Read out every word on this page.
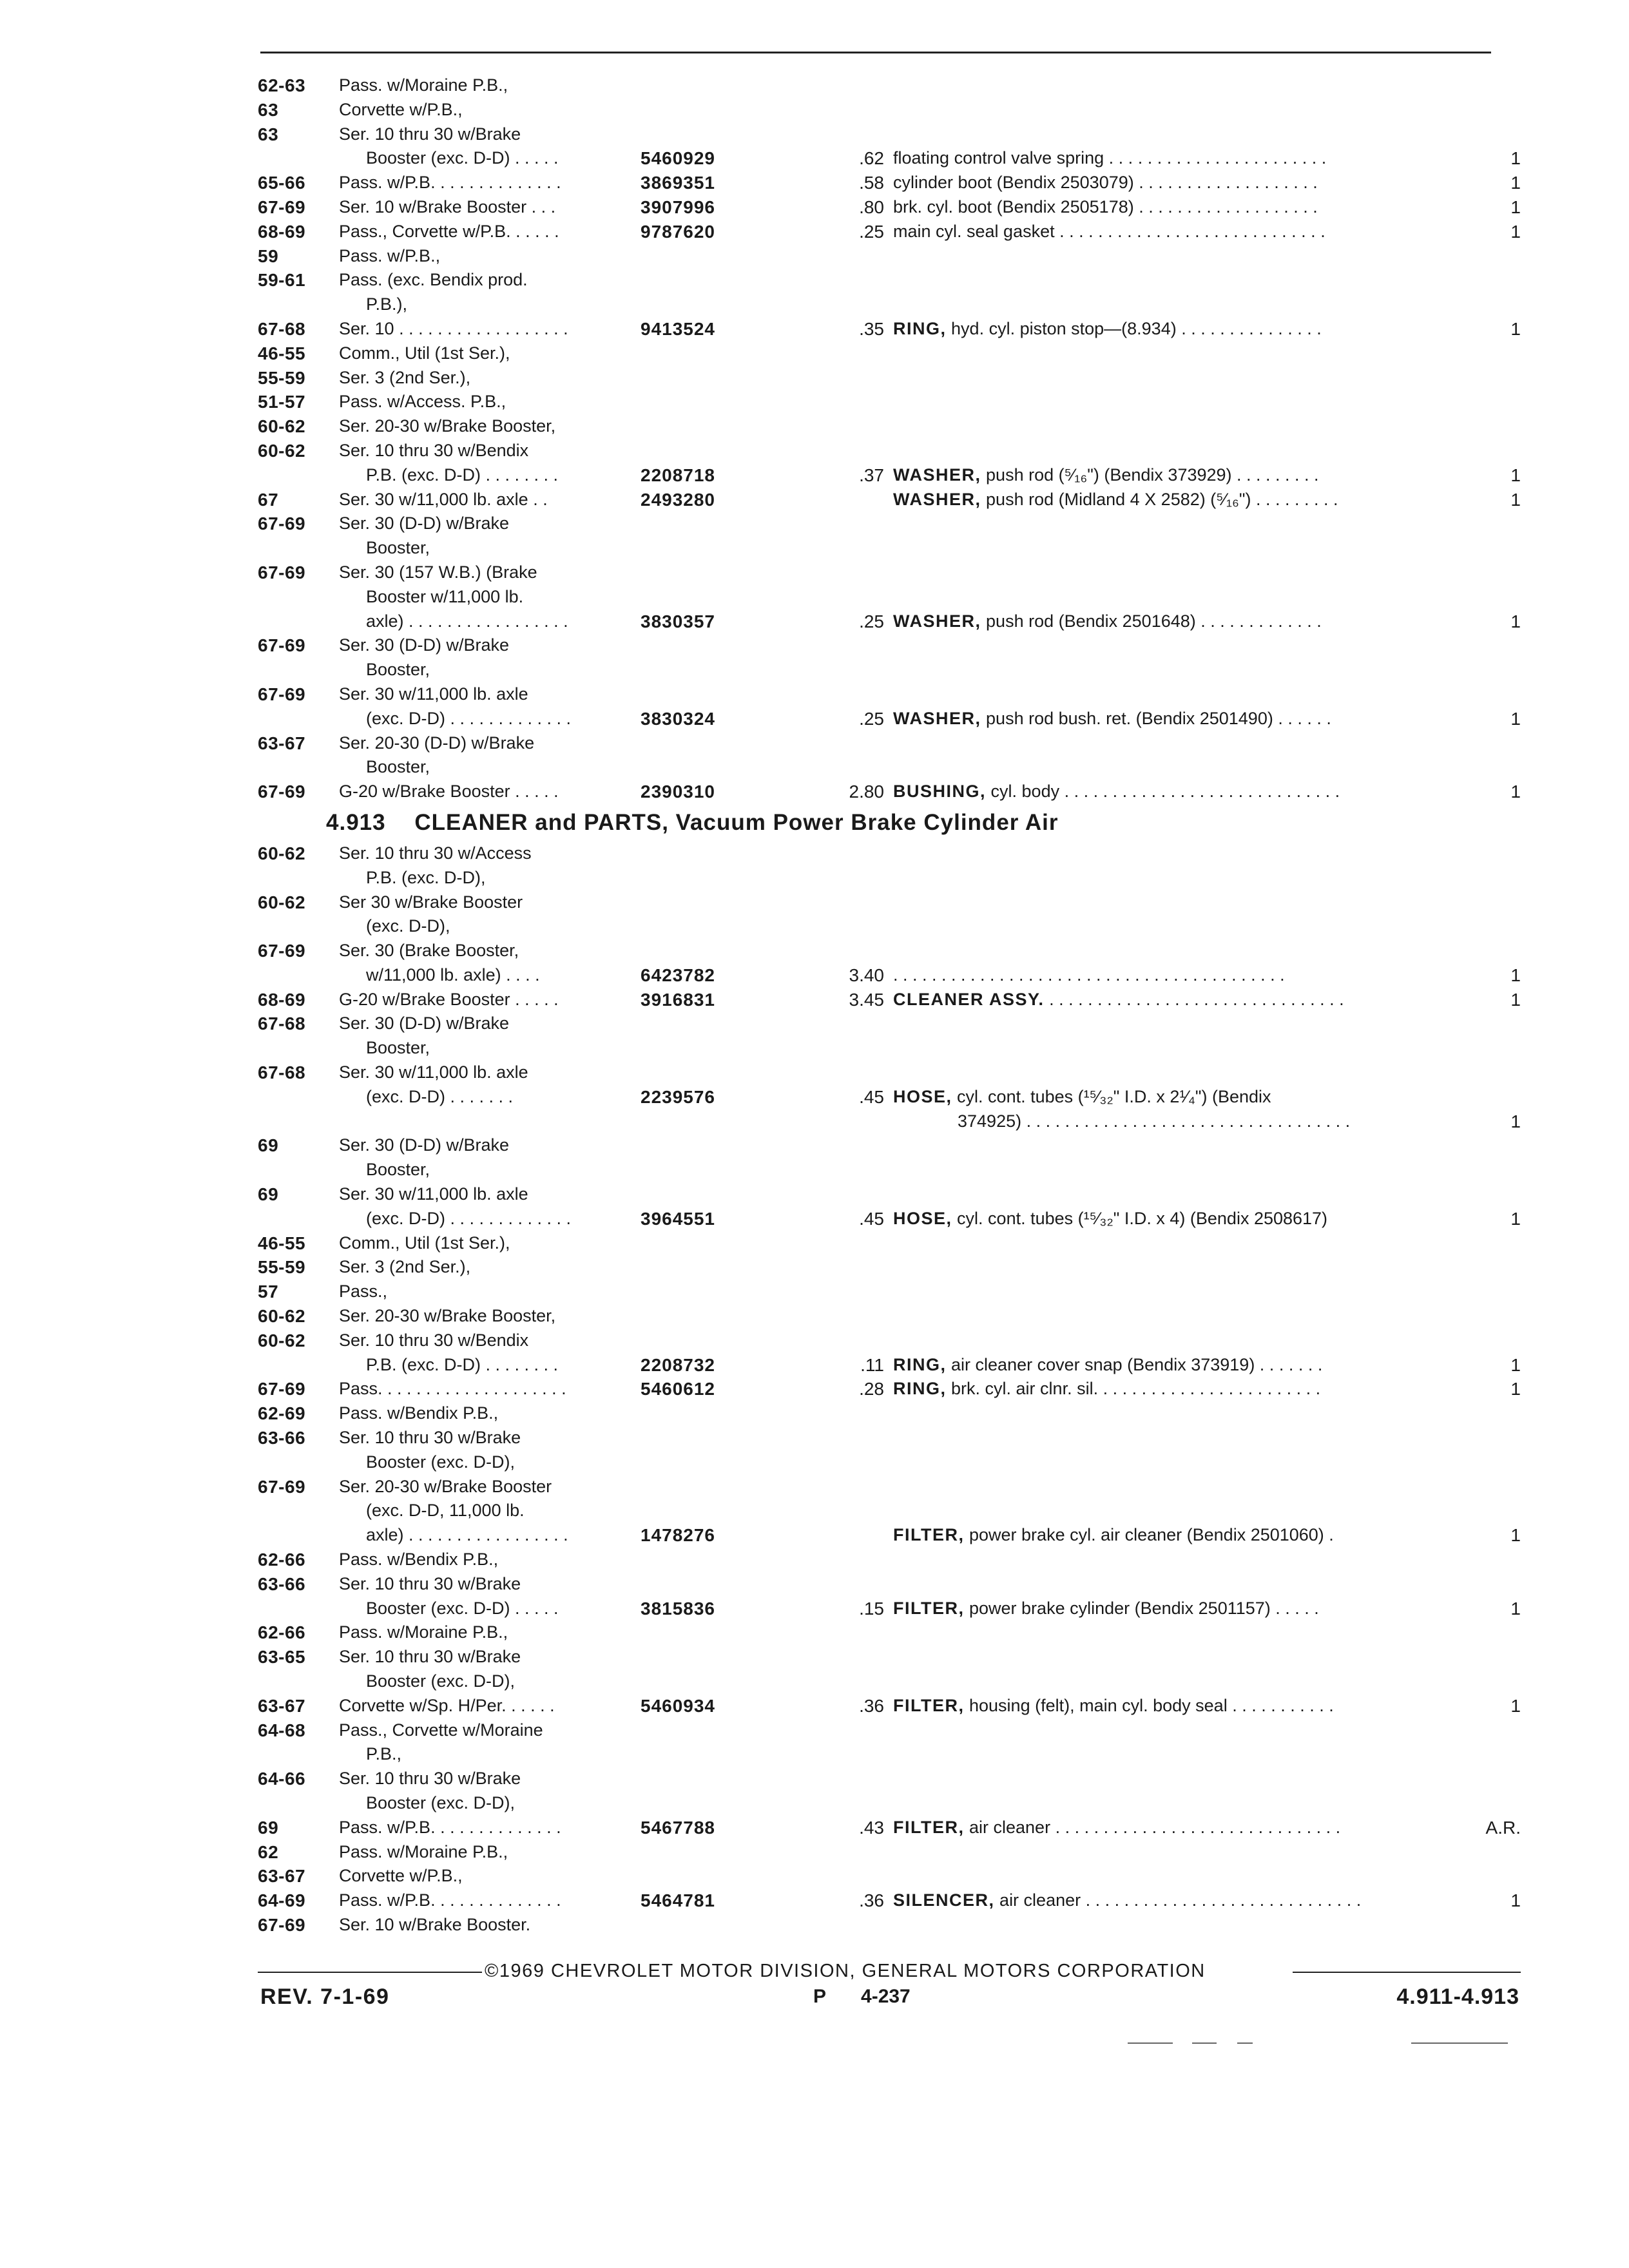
62-63 Pass. w/Moraine P.B.,
63	Corvette w/P.B.,
63	Ser. 10 thru 30 w/Brake
Booster (exc. D-D) . . . . .	5460929	.62 floating control valve spring . . . . . . . . . . . . . . . . . . . . . . .	1
65-66 Pass. w/P.B. . . . . . . . . . . . . .	3869351	.58 cylinder boot (Bendix 2503079) . . . . . . . . . . . . . . . . . . .	1
67-69 Ser. 10 w/Brake Booster . . .	3907996	.80 brk. cyl. boot (Bendix 2505178) . . . . . . . . . . . . . . . . . . .	1
68-69 Pass., Corvette w/P.B. . . . . .	9787620	.25 main cyl. seal gasket . . . . . . . . . . . . . . . . . . . . . . . . . . . .	1
59	Pass. w/P.B.,
59-61 Pass. (exc. Bendix prod.
P.B.),
67-68 Ser. 10 . . . . . . . . . . . . . . . . . .	9413524	.35 RING, hyd. cyl. piston stop—(8.934) . . . . . . . . . . . . . . .	1
46-55 Comm., Util (1st Ser.),
55-59 Ser. 3 (2nd Ser.),
51-57 Pass. w/Access. P.B.,
60-62 Ser. 20-30 w/Brake Booster,
60-62 Ser. 10 thru 30 w/Bendix
P.B. (exc. D-D) . . . . . . . .	2208718	.37 WASHER, push rod (⁵⁄₁₆") (Bendix 373929) . . . . . . . . .	1
67	Ser. 30 w/11,000 lb. axle . .	2493280	WASHER, push rod (Midland 4 X 2582) (⁵⁄₁₆") . . . . . . . . .	1
67-69 Ser. 30 (D-D) w/Brake
Booster,
67-69 Ser. 30 (157 W.B.) (Brake
Booster w/11,000 lb.
axle) . . . . . . . . . . . . . . . . .	3830357	.25 WASHER, push rod (Bendix 2501648) . . . . . . . . . . . . .	1
67-69 Ser. 30 (D-D) w/Brake
Booster,
67-69 Ser. 30 w/11,000 lb. axle
(exc. D-D) . . . . . . . . . . . . .	3830324	.25 WASHER, push rod bush. ret. (Bendix 2501490) . . . . . .	1
63-67 Ser. 20-30 (D-D) w/Brake
Booster,
67-69 G-20 w/Brake Booster . . . . .	2390310	2.80 BUSHING, cyl. body . . . . . . . . . . . . . . . . . . . . . . . . . . . . .	1
4.913 CLEANER and PARTS, Vacuum Power Brake Cylinder Air
60-62 Ser. 10 thru 30 w/Access
P.B. (exc. D-D),
60-62 Ser 30 w/Brake Booster
(exc. D-D),
67-69 Ser. 30 (Brake Booster,
w/11,000 lb. axle) . . . .	6423782	3.40 . . . . . . . . . . . . . . . . . . . . . . . . . . . . . . . . . . . . . . . . .	1
68-69 G-20 w/Brake Booster . . . . .	3916831	3.45 CLEANER ASSY. . . . . . . . . . . . . . . . . . . . . . . . . . . . . . . .	1
67-68 Ser. 30 (D-D) w/Brake
Booster,
67-68 Ser. 30 w/11,000 lb. axle
(exc. D-D) . . . . . . .	2239576	.45 HOSE, cyl. cont. tubes (¹⁵⁄₃₂" I.D. x 2¹⁄₄") (Bendix
374925) . . . . . . . . . . . . . . . . . . . . . . . . . . . . . . . . . .	1
69	Ser. 30 (D-D) w/Brake
Booster,
69	Ser. 30 w/11,000 lb. axle
(exc. D-D) . . . . . . . . . . . . .	3964551	.45 HOSE, cyl. cont. tubes (¹⁵⁄₃₂" I.D. x 4) (Bendix 2508617)	1
46-55 Comm., Util (1st Ser.),
55-59 Ser. 3 (2nd Ser.),
57	Pass.,
60-62 Ser. 20-30 w/Brake Booster,
60-62 Ser. 10 thru 30 w/Bendix
P.B. (exc. D-D) . . . . . . . .	2208732	.11 RING, air cleaner cover snap (Bendix 373919) . . . . . . .	1
67-69 Pass. . . . . . . . . . . . . . . . . . . .	5460612	.28 RING, brk. cyl. air clnr. sil. . . . . . . . . . . . . . . . . . . . . . . .	1
62-69 Pass. w/Bendix P.B.,
63-66 Ser. 10 thru 30 w/Brake
Booster (exc. D-D),
67-69 Ser. 20-30 w/Brake Booster
(exc. D-D, 11,000 lb.
axle) . . . . . . . . . . . . . . . . .	1478276	FILTER, power brake cyl. air cleaner (Bendix 2501060) .	1
62-66 Pass. w/Bendix P.B.,
63-66 Ser. 10 thru 30 w/Brake
Booster (exc. D-D) . . . . .	3815836	.15 FILTER, power brake cylinder (Bendix 2501157) . . . . .	1
62-66 Pass. w/Moraine P.B.,
63-65 Ser. 10 thru 30 w/Brake
Booster (exc. D-D),
63-67 Corvette w/Sp. H/Per. . . . . .	5460934	.36 FILTER, housing (felt), main cyl. body seal . . . . . . . . . . .	1
64-68 Pass., Corvette w/Moraine
P.B.,
64-66 Ser. 10 thru 30 w/Brake
Booster (exc. D-D),
69	Pass. w/P.B. . . . . . . . . . . . . .	5467788	.43 FILTER, air cleaner . . . . . . . . . . . . . . . . . . . . . . . . . . . . . .	A.R.
62	Pass. w/Moraine P.B.,
63-67 Corvette w/P.B.,
64-69 Pass. w/P.B. . . . . . . . . . . . . .	5464781	.36 SILENCER, air cleaner . . . . . . . . . . . . . . . . . . . . . . . . . . . . .	1
67-69 Ser. 10 w/Brake Booster.
©1969 CHEVROLET MOTOR DIVISION, GENERAL MOTORS CORPORATION
REV. 7-1-69	P 4-237	4.911-4.913
